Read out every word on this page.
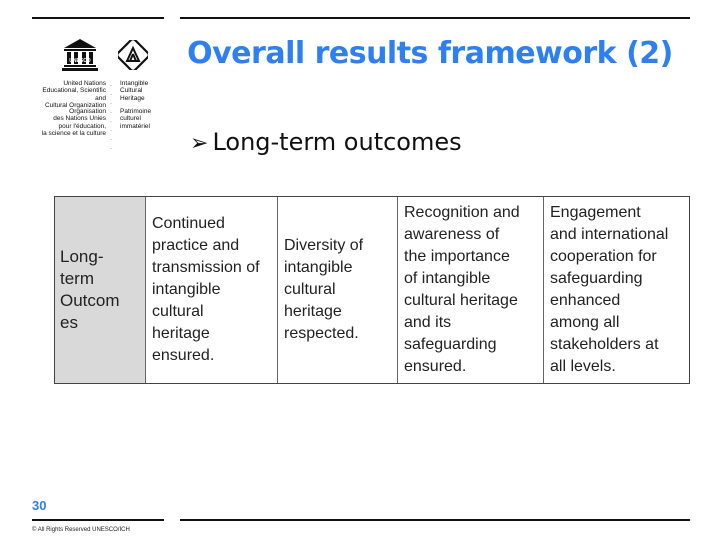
UNESCO
United Nations
Educational, Scientific and
Cultural Organization
Organisation
des Nations Unies
pour l'éducation,
la science et la culture
·
·
·
·
·
·
·
·
Intangible
Cultural
Heritage
Patrimoine
culturel
immatériel
Overall results framework (2)
➢ Long-term outcomes
Long-
term
Outcom
es
Continued
practice and
transmission of
intangible
cultural
heritage
ensured.
Diversity of
intangible
cultural
heritage
respected.
Recognition and
awareness of
the importance
of intangible
cultural heritage
and its
safeguarding
ensured.
Engagement
and international
cooperation for
safeguarding
enhanced
among all
stakeholders at
all levels.
30
© All Rights Reserved UNESCO/ICH
